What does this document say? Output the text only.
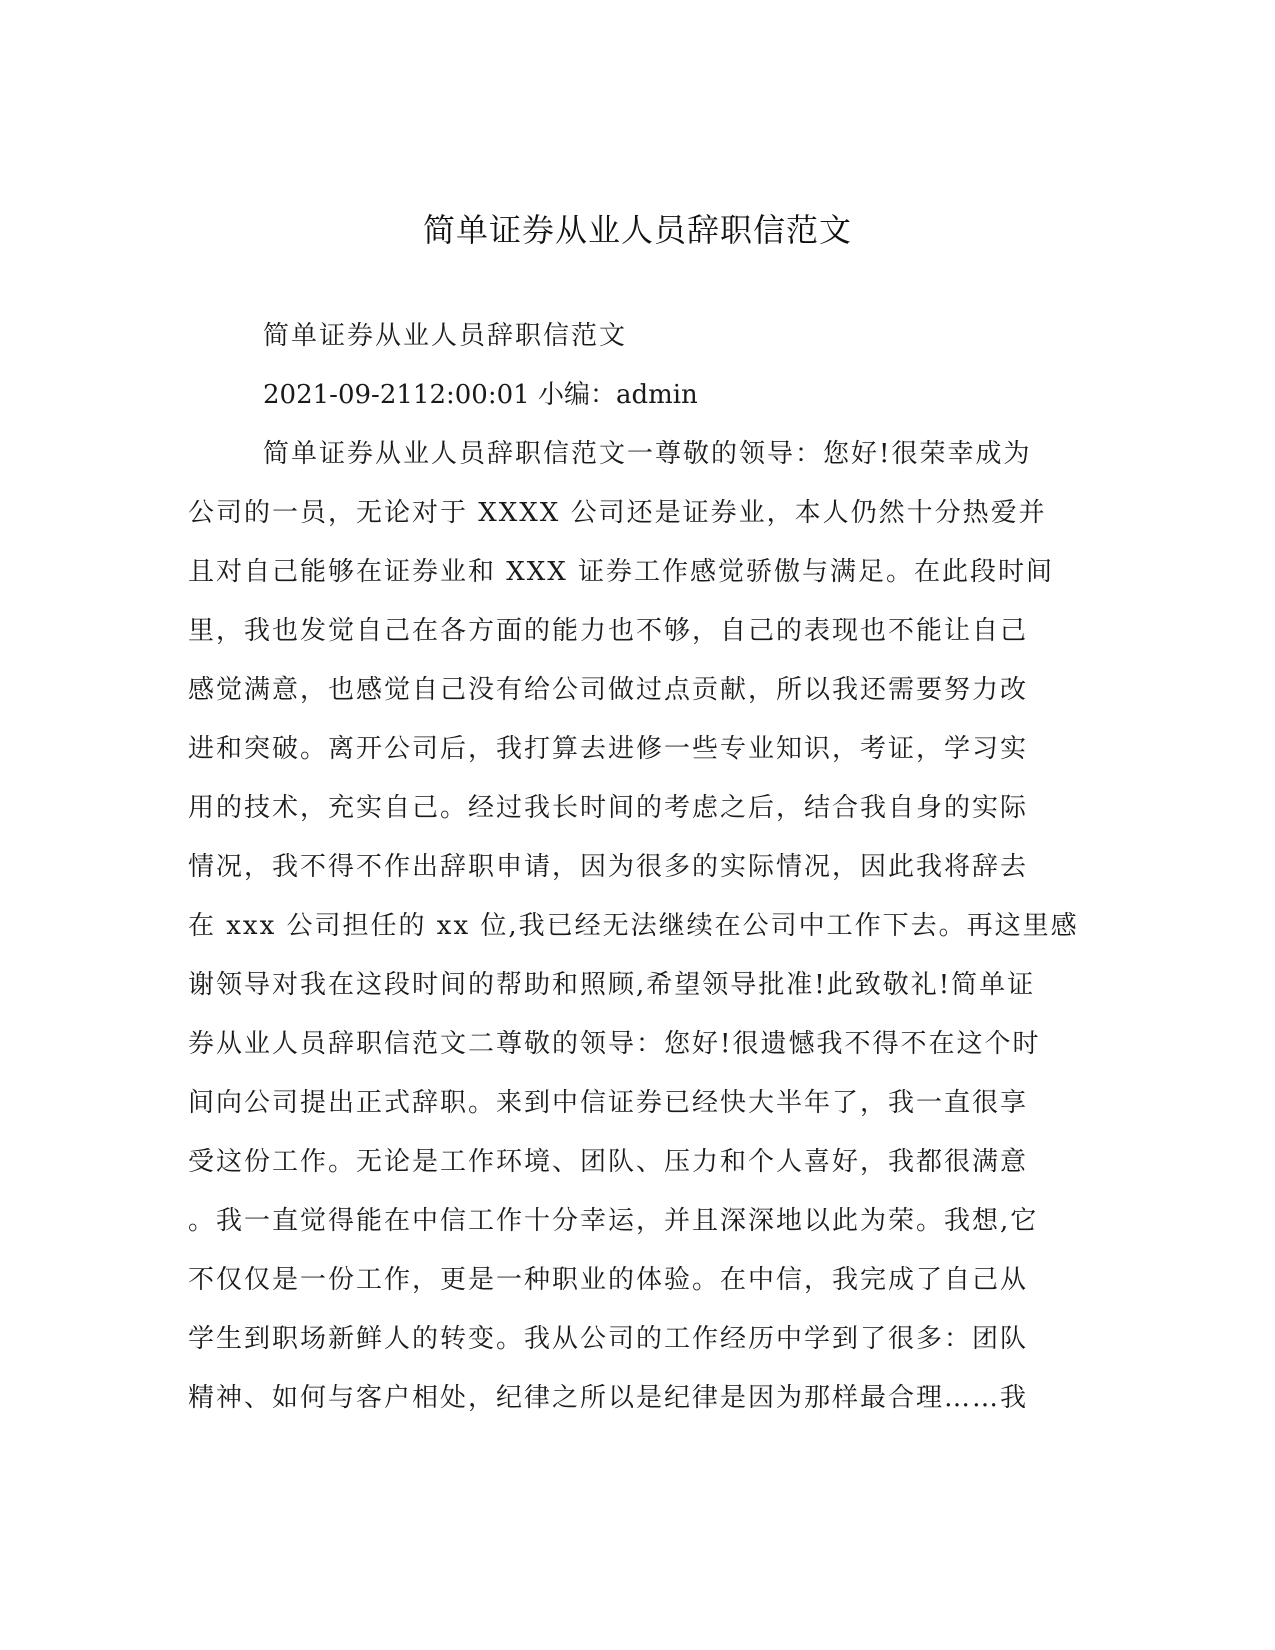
简单证券从业人员辞职信范文
简单证券从业人员辞职信范文
2021-09-2112:00:01 小编：admin
简单证券从业人员辞职信范文一尊敬的领导：您好!很荣幸成为
公司的一员，无论对于 XXXX 公司还是证券业，本人仍然十分热爱并
且对自己能够在证券业和 XXX 证券工作感觉骄傲与满足。在此段时间
里，我也发觉自己在各方面的能力也不够，自己的表现也不能让自己
感觉满意，也感觉自己没有给公司做过点贡献，所以我还需要努力改
进和突破。离开公司后，我打算去进修一些专业知识，考证，学习实
用的技术，充实自己。经过我长时间的考虑之后，结合我自身的实际
情况，我不得不作出辞职申请，因为很多的实际情况，因此我将辞去
在 xxx 公司担任的 xx 位,我已经无法继续在公司中工作下去。再这里感
谢领导对我在这段时间的帮助和照顾,希望领导批准!此致敬礼!简单证
券从业人员辞职信范文二尊敬的领导：您好!很遗憾我不得不在这个时
间向公司提出正式辞职。来到中信证券已经快大半年了，我一直很享
受这份工作。无论是工作环境、团队、压力和个人喜好，我都很满意
。我一直觉得能在中信工作十分幸运，并且深深地以此为荣。我想,它
不仅仅是一份工作，更是一种职业的体验。在中信，我完成了自己从
学生到职场新鲜人的转变。我从公司的工作经历中学到了很多：团队
精神、如何与客户相处，纪律之所以是纪律是因为那样最合理……我
